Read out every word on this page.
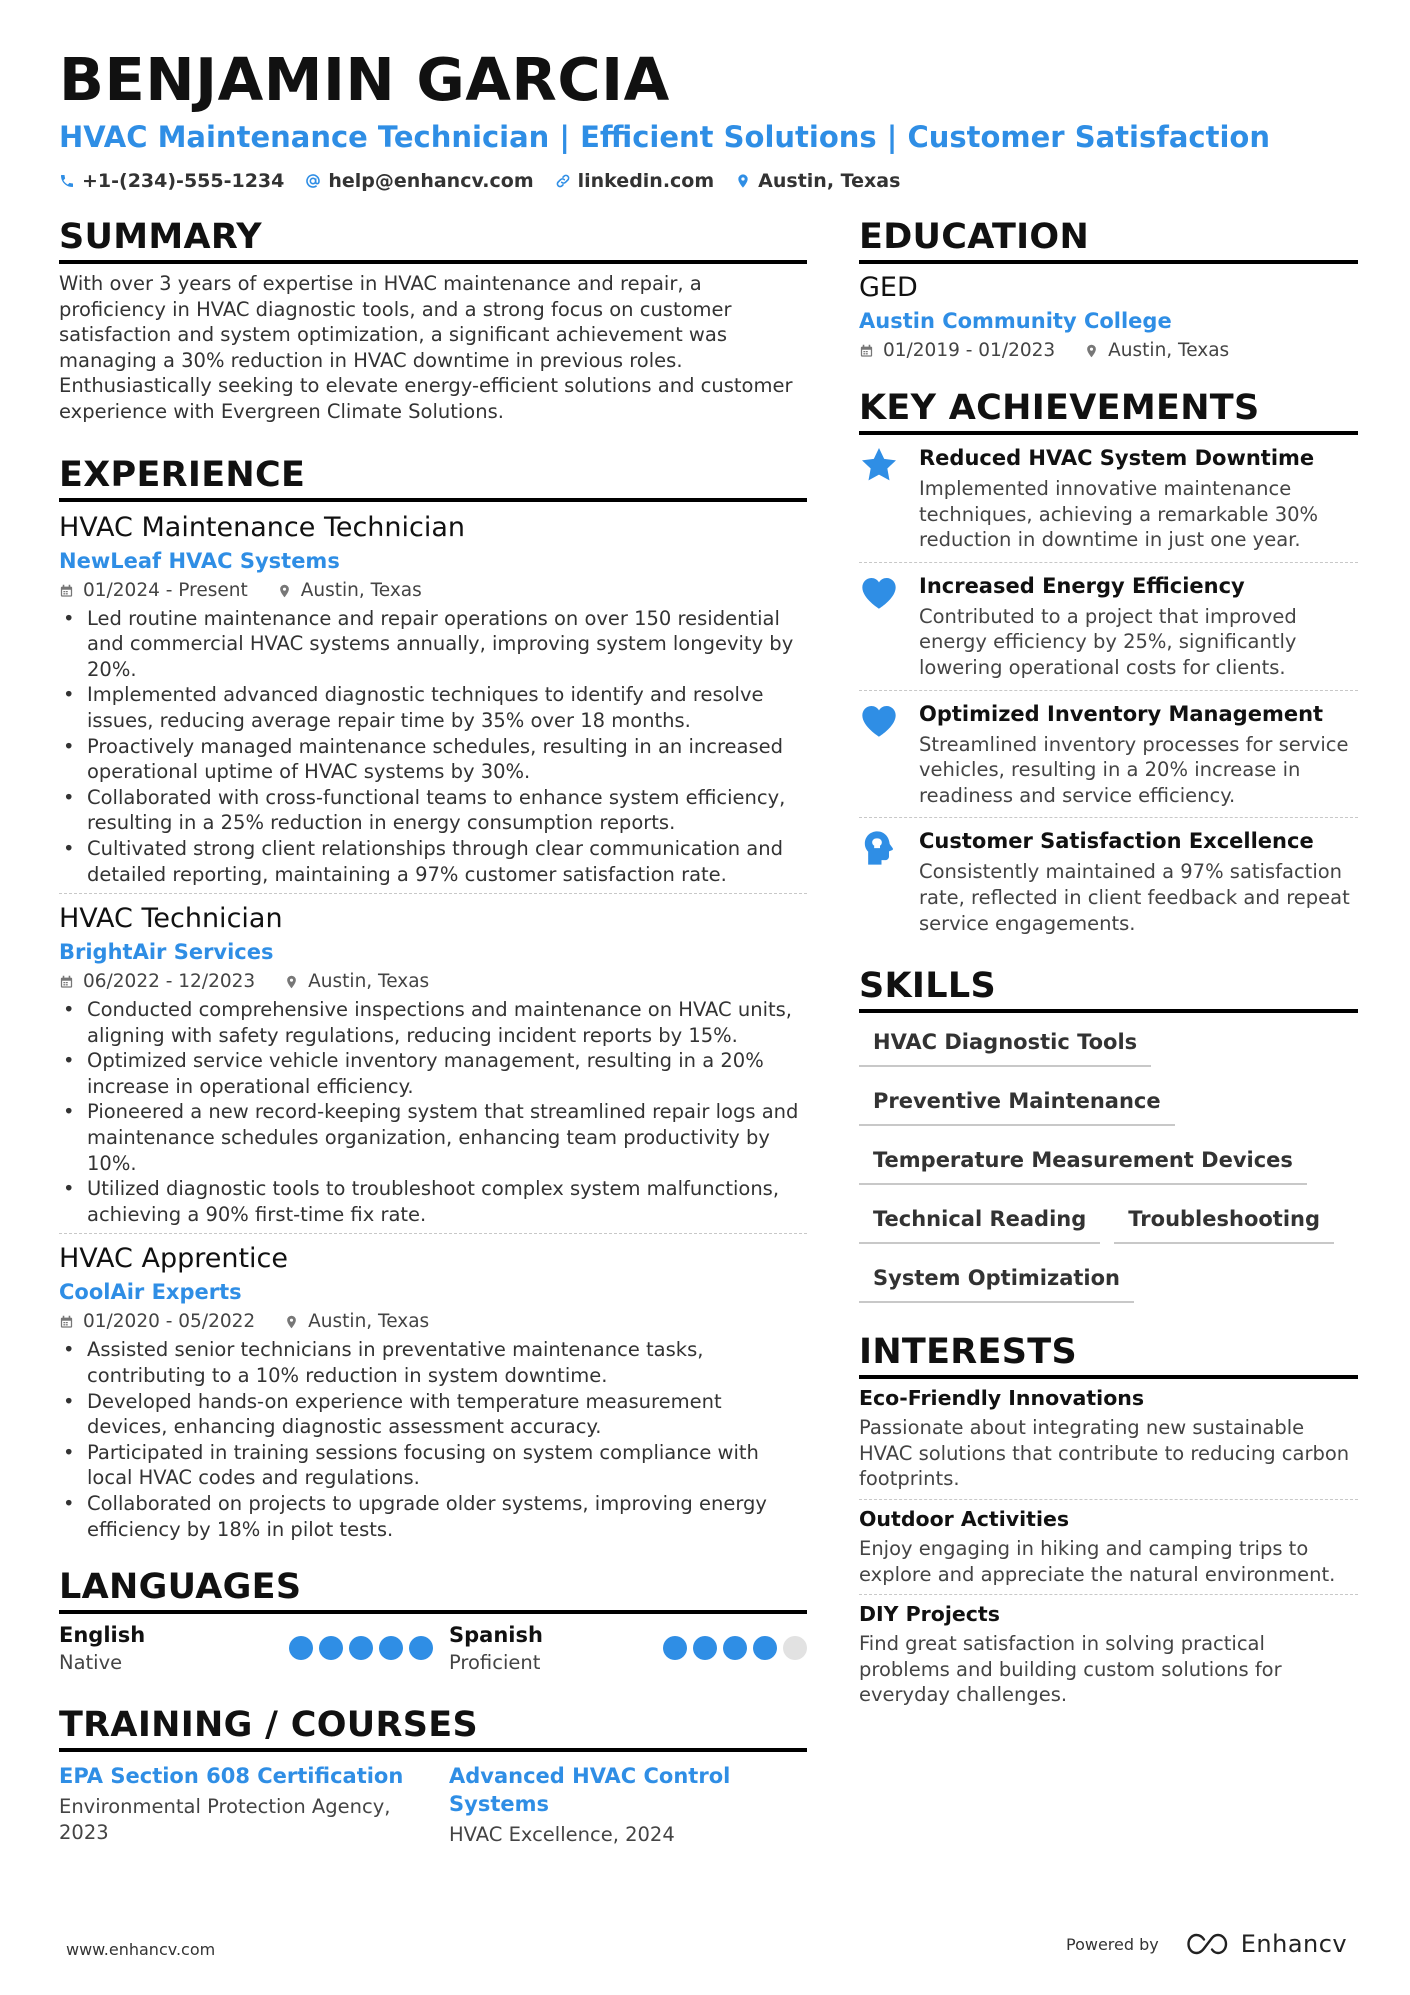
BENJAMIN GARCIA
HVAC Maintenance Technician | Efficient Solutions | Customer Satisfaction
+1-(234)-555-1234 help@enhancv.com linkedin.com Austin, Texas
SUMMARY
With over 3 years of expertise in HVAC maintenance and repair, a proficiency in HVAC diagnostic tools, and a strong focus on customer satisfaction and system optimization, a significant achievement was managing a 30% reduction in HVAC downtime in previous roles. Enthusiastically seeking to elevate energy-efficient solutions and customer experience with Evergreen Climate Solutions.
EXPERIENCE
HVAC Maintenance Technician
NewLeaf HVAC Systems
01/2024 - Present	Austin, Texas
• Led routine maintenance and repair operations on over 150 residential and commercial HVAC systems annually, improving system longevity by 20%.
• Implemented advanced diagnostic techniques to identify and resolve issues, reducing average repair time by 35% over 18 months.
• Proactively managed maintenance schedules, resulting in an increased operational uptime of HVAC systems by 30%.
• Collaborated with cross-functional teams to enhance system efficiency, resulting in a 25% reduction in energy consumption reports.
• Cultivated strong client relationships through clear communication and detailed reporting, maintaining a 97% customer satisfaction rate.
HVAC Technician
BrightAir Services
06/2022 - 12/2023	Austin, Texas
• Conducted comprehensive inspections and maintenance on HVAC units, aligning with safety regulations, reducing incident reports by 15%.
• Optimized service vehicle inventory management, resulting in a 20% increase in operational efficiency.
• Pioneered a new record-keeping system that streamlined repair logs and maintenance schedules organization, enhancing team productivity by 10%.
• Utilized diagnostic tools to troubleshoot complex system malfunctions, achieving a 90% first-time fix rate.
HVAC Apprentice
CoolAir Experts
01/2020 - 05/2022	Austin, Texas
• Assisted senior technicians in preventative maintenance tasks, contributing to a 10% reduction in system downtime.
• Developed hands-on experience with temperature measurement devices, enhancing diagnostic assessment accuracy.
• Participated in training sessions focusing on system compliance with local HVAC codes and regulations.
• Collaborated on projects to upgrade older systems, improving energy efficiency by 18% in pilot tests.
LANGUAGES
English
Native
Spanish
Proficient
TRAINING / COURSES
EPA Section 608 Certification
Environmental Protection Agency, 2023
Advanced HVAC Control Systems
HVAC Excellence, 2024
EDUCATION
GED
Austin Community College
01/2019 - 01/2023	Austin, Texas
KEY ACHIEVEMENTS
Reduced HVAC System Downtime
Implemented innovative maintenance techniques, achieving a remarkable 30% reduction in downtime in just one year.
Increased Energy Efficiency
Contributed to a project that improved energy efficiency by 25%, significantly lowering operational costs for clients.
Optimized Inventory Management
Streamlined inventory processes for service vehicles, resulting in a 20% increase in readiness and service efficiency.
Customer Satisfaction Excellence
Consistently maintained a 97% satisfaction rate, reflected in client feedback and repeat service engagements.
SKILLS
HVAC Diagnostic Tools
Preventive Maintenance
Temperature Measurement Devices
Technical Reading	Troubleshooting
System Optimization
INTERESTS
Eco-Friendly Innovations
Passionate about integrating new sustainable HVAC solutions that contribute to reducing carbon footprints.
Outdoor Activities
Enjoy engaging in hiking and camping trips to explore and appreciate the natural environment.
DIY Projects
Find great satisfaction in solving practical problems and building custom solutions for everyday challenges.
www.enhancv.com	Powered by	Enhancv
